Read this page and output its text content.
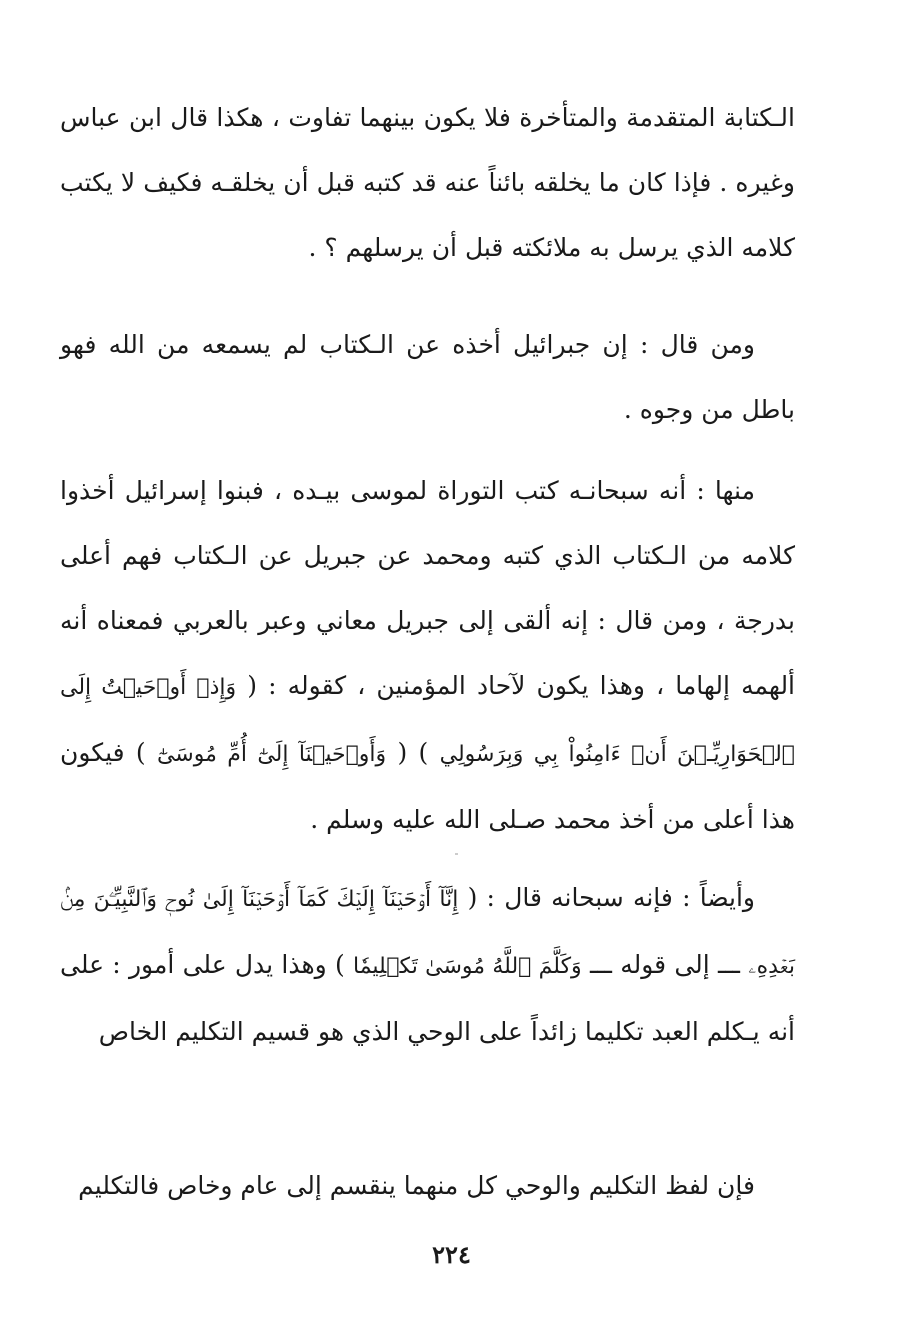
الـكتابة المتقدمة والمتأخرة فلا يكون بينهما تفاوت ، هكذا قال ابن عباس وغيره . فإذا كان ما يخلقه بائناً عنه قد كتبه قبل أن يخلقـه فكيف لا يكتب كلامه الذي يرسل به ملائكته قبل أن يرسلهم ؟ .

ومن قال : إن جبرائيل أخذه عن الـكتاب لم يسمعه من الله فهو باطل من وجوه .

منها : أنه سبحانـه كتب التوراة لموسى بيـده ، فبنوا إسرائيل أخذوا كلامه من الـكتاب الذي كتبه ومحمد عن جبريل عن الـكتاب فهم أعلى بدرجة ، ومن قال : إنه ألقى إلى جبريل معاني وعبر بالعربي فمعناه أنه ألهمه إلهاما ، وهذا يكون لآحاد المؤمنين ، كقوله : ( وَإِذۡ أَوۡحَيۡتُ إِلَى ٱلۡحَوَارِيِّـۧنَ أَنۡ ءَامِنُواْ بِي وَبِرَسُولِي ) ( وَأَوۡحَيۡنَآ إِلَىٰٓ أُمِّ مُوسَىٰٓ ) فيكون هذا أعلى من أخذ محمد صـلى الله عليه وسلم .

وأيضاً : فإنه سبحانه قال : ( إِنَّآ أَوۡحَيۡنَآ إِلَيۡكَ كَمَآ أَوۡحَيۡنَآ إِلَىٰ نُوحٖ وَٱلنَّبِيِّـۧنَ مِنۢ بَعۡدِهِۦ ـــ إلى قوله ـــ وَكَلَّمَ ٱللَّهُ مُوسَىٰ تَكۡلِيمٗا ) وهذا يدل على أمور : على أنه يـكلم العبد تكليما زائداً على الوحي الذي هو قسيم التكليم الخاص

فإن لفظ التكليم والوحي كل منهما ينقسم إلى عام وخاص فالتكليم

٢٢٤
